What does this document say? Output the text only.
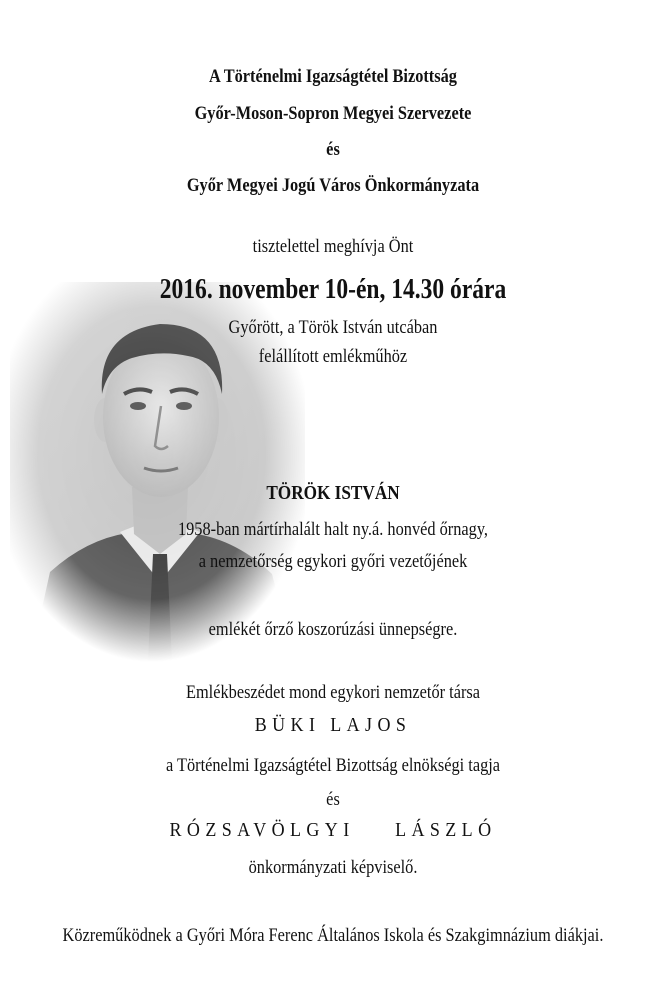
A Történelmi Igazságtétel Bizottság
Győr-Moson-Sopron Megyei Szervezete
és
Győr Megyei Jogú Város Önkormányzata
tisztelettel meghívja Önt
2016. november 10-én, 14.30 órára
Győrött, a Török István utcában
felállított emlékműhöz
TÖRÖK ISTVÁN
1958-ban mártírhalált halt ny.á. honvéd őrnagy,
a nemzetőrség egykori győri vezetőjének
emlékét őrző koszorúzási ünnepségre.
Emlékbeszédet mond egykori nemzetőr társa
BÜKI LAJOS
a Történelmi Igazságtétel Bizottság elnökségi tagja
és
RÓZSAVÖLGYI LÁSZLÓ
önkormányzati képviselő.
Közreműködnek a Győri Móra Ferenc Általános Iskola és Szakgimnázium diákjai.
